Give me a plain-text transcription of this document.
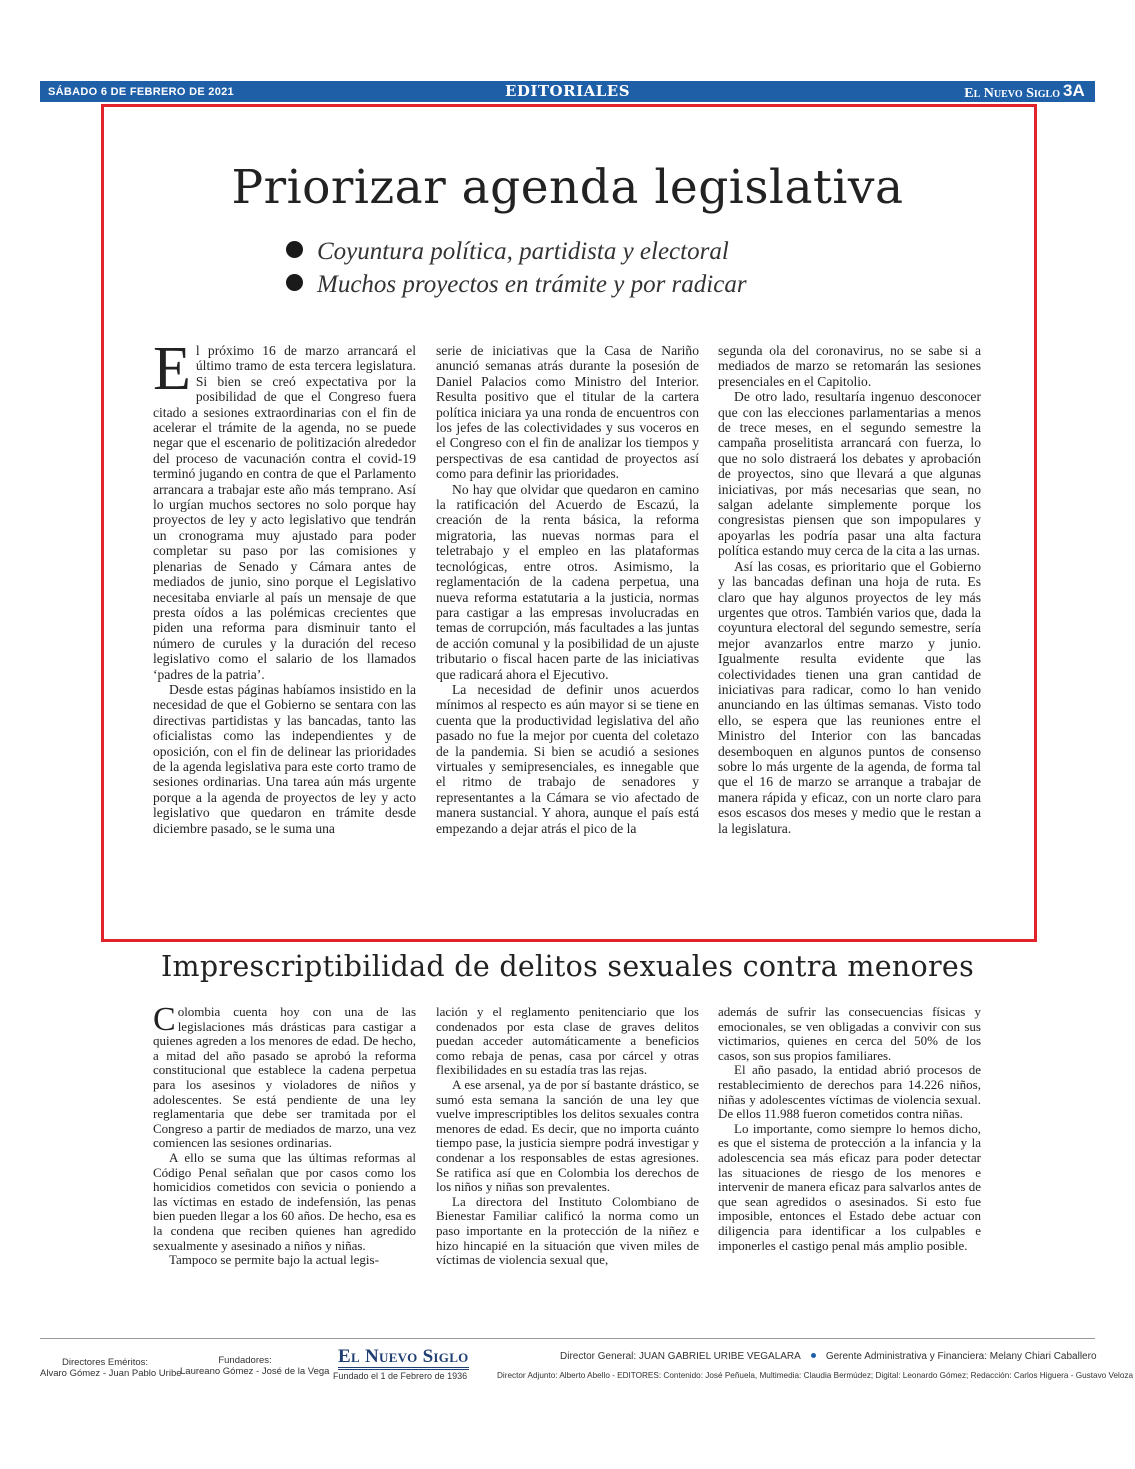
SÁBADO 6 DE FEBRERO DE 2021	EDITORIALES	El Nuevo Siglo 3A
Priorizar agenda legislativa
Coyuntura política, partidista y electoral
Muchos proyectos en trámite y por radicar
E l próximo 16 de marzo arrancará el último tramo de esta tercera legislatura. Si bien se creó expectativa por la posibilidad de que el Congreso fuera citado a sesiones extraordinarias con el fin de acelerar el trámite de la agenda, no se puede negar que el escenario de politización alrededor del proceso de vacunación contra el covid-19 terminó jugando en contra de que el Parlamento arrancara a trabajar este año más temprano. Así lo urgían muchos sectores no solo porque hay proyectos de ley y acto legislativo que tendrán un cronograma muy ajustado para poder completar su paso por las comisiones y plenarias de Senado y Cámara antes de mediados de junio, sino porque el Legislativo necesitaba enviarle al país un mensaje de que presta oídos a las polémicas crecientes que piden una reforma para disminuir tanto el número de curules y la duración del receso legislativo como el salario de los llamados ‘padres de la patria’.

Desde estas páginas habíamos insistido en la necesidad de que el Gobierno se sentara con las directivas partidistas y las bancadas, tanto las oficialistas como las independientes y de oposición, con el fin de delinear las prioridades de la agenda legislativa para este corto tramo de sesiones ordinarias. Una tarea aún más urgente porque a la agenda de proyectos de ley y acto legislativo que quedaron en trámite desde diciembre pasado, se le suma una

serie de iniciativas que la Casa de Nariño anunció semanas atrás durante la posesión de Daniel Palacios como Ministro del Interior. Resulta positivo que el titular de la cartera política iniciara ya una ronda de encuentros con los jefes de las colectividades y sus voceros en el Congreso con el fin de analizar los tiempos y perspectivas de esa cantidad de proyectos así como para definir las prioridades.

No hay que olvidar que quedaron en camino la ratificación del Acuerdo de Escazú, la creación de la renta básica, la reforma migratoria, las nuevas normas para el teletrabajo y el empleo en las plataformas tecnológicas, entre otros. Asimismo, la reglamentación de la cadena perpetua, una nueva reforma estatutaria a la justicia, normas para castigar a las empresas involucradas en temas de corrupción, más facultades a las juntas de acción comunal y la posibilidad de un ajuste tributario o fiscal hacen parte de las iniciativas que radicará ahora el Ejecutivo.

La necesidad de definir unos acuerdos mínimos al respecto es aún mayor si se tiene en cuenta que la productividad legislativa del año pasado no fue la mejor por cuenta del coletazo de la pandemia. Si bien se acudió a sesiones virtuales y semipresenciales, es innegable que el ritmo de trabajo de senadores y representantes a la Cámara se vio afectado de manera sustancial. Y ahora, aunque el país está empezando a dejar atrás el pico de la

segunda ola del coronavirus, no se sabe si a mediados de marzo se retomarán las sesiones presenciales en el Capitolio.

De otro lado, resultaría ingenuo desconocer que con las elecciones parlamentarias a menos de trece meses, en el segundo semestre la campaña proselitista arrancará con fuerza, lo que no solo distraerá los debates y aprobación de proyectos, sino que llevará a que algunas iniciativas, por más necesarias que sean, no salgan adelante simplemente porque los congresistas piensen que son impopulares y apoyarlas les podría pasar una alta factura política estando muy cerca de la cita a las urnas.

Así las cosas, es prioritario que el Gobierno y las bancadas definan una hoja de ruta. Es claro que hay algunos proyectos de ley más urgentes que otros. También varios que, dada la coyuntura electoral del segundo semestre, sería mejor avanzarlos entre marzo y junio. Igualmente resulta evidente que las colectividades tienen una gran cantidad de iniciativas para radicar, como lo han venido anunciando en las últimas semanas. Visto todo ello, se espera que las reuniones entre el Ministro del Interior con las bancadas desemboquen en algunos puntos de consenso sobre lo más urgente de la agenda, de forma tal que el 16 de marzo se arranque a trabajar de manera rápida y eficaz, con un norte claro para esos escasos dos meses y medio que le restan a la legislatura.

Imprescriptibilidad de delitos sexuales contra menores
C olombia cuenta hoy con una de las legislaciones más drásticas para castigar a quienes agreden a los menores de edad. De hecho, a mitad del año pasado se aprobó la reforma constitucional que establece la cadena perpetua para los asesinos y violadores de niños y adolescentes. Se está pendiente de una ley reglamentaria que debe ser tramitada por el Congreso a partir de mediados de marzo, una vez comiencen las sesiones ordinarias.

A ello se suma que las últimas reformas al Código Penal señalan que por casos como los homicidios cometidos con sevicia o poniendo a las víctimas en estado de indefensión, las penas bien pueden llegar a los 60 años. De hecho, esa es la condena que reciben quienes han agredido sexualmente y asesinado a niños y niñas.

Tampoco se permite bajo la actual legis-

lación y el reglamento penitenciario que los condenados por esta clase de graves delitos puedan acceder automáticamente a beneficios como rebaja de penas, casa por cárcel y otras flexibilidades en su estadía tras las rejas.

A ese arsenal, ya de por sí bastante drástico, se sumó esta semana la sanción de una ley que vuelve imprescriptibles los delitos sexuales contra menores de edad. Es decir, que no importa cuánto tiempo pase, la justicia siempre podrá investigar y condenar a los responsables de estas agresiones. Se ratifica así que en Colombia los derechos de los niños y niñas son prevalentes.

La directora del Instituto Colombiano de Bienestar Familiar calificó la norma como un paso importante en la protección de la niñez e hizo hincapié en la situación que viven miles de víctimas de violencia sexual que,

además de sufrir las consecuencias físicas y emocionales, se ven obligadas a convivir con sus victimarios, quienes en cerca del 50% de los casos, son sus propios familiares.

El año pasado, la entidad abrió procesos de restablecimiento de derechos para 14.226 niños, niñas y adolescentes víctimas de violencia sexual. De ellos 11.988 fueron cometidos contra niñas.

Lo importante, como siempre lo hemos dicho, es que el sistema de protección a la infancia y la adolescencia sea más eficaz para poder detectar las situaciones de riesgo de los menores e intervenir de manera eficaz para salvarlos antes de que sean agredidos o asesinados. Si esto fue imposible, entonces el Estado debe actuar con diligencia para identificar a los culpables e imponerles el castigo penal más amplio posible.

Directores Eméritos:
Alvaro Gómez - Juan Pablo Uribe
Fundadores:
Laureano Gómez - José de la Vega
El Nuevo Siglo
Fundado el 1 de Febrero de 1936
Director General: JUAN GABRIEL URIBE VEGALARA	Gerente Administrativa y Financiera: Melany Chiari Caballero
Director Adjunto: Alberto Abello - EDITORES: Contenido: José Peñuela, Multimedia: Claudia Bermúdez; Digital: Leonardo Gómez; Redacción: Carlos Higuera - Gustavo Veloza
